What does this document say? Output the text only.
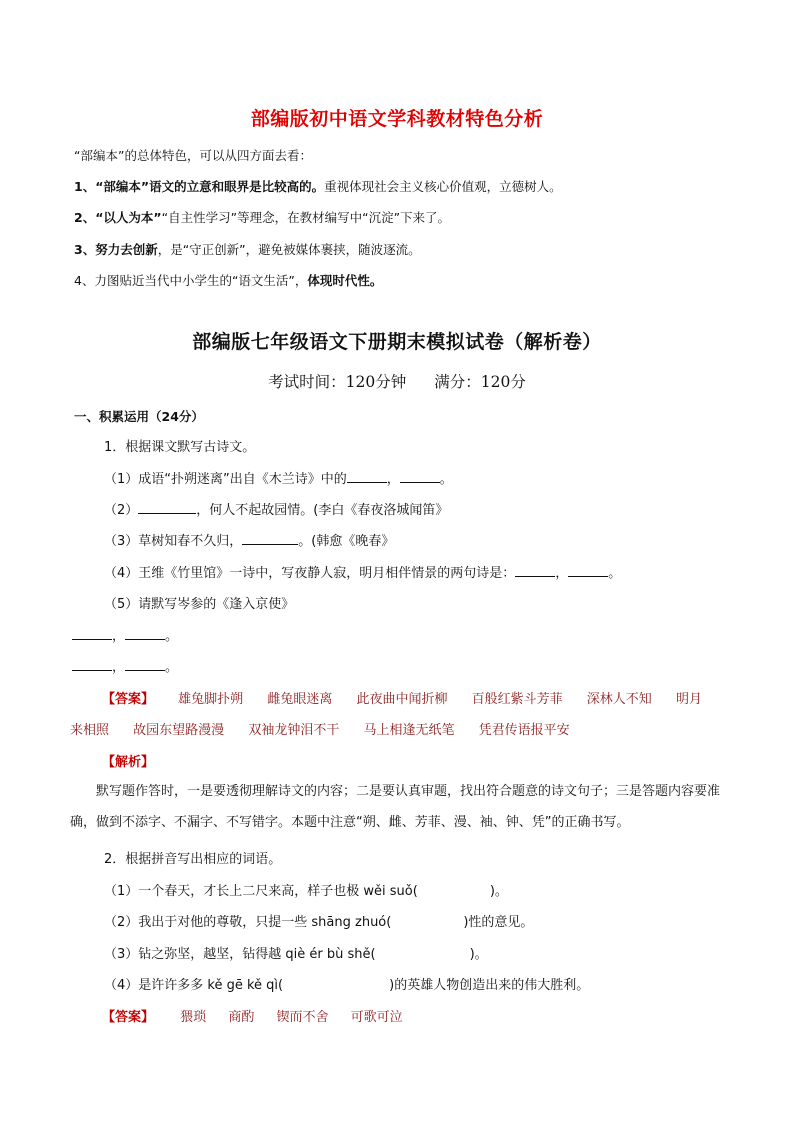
部编版初中语文学科教材特色分析
“部编本”的总体特色，可以从四方面去看：
1、“部编本”语文的立意和眼界是比较高的。重视体现社会主义核心价值观，立德树人。
2、“以人为本”“自主性学习”等理念，在教材编写中“沉淀”下来了。
3、努力去创新，是“守正创新”，避免被媒体裹挟，随波逐流。
4、力图贴近当代中小学生的“语文生活”，体现时代性。
部编版七年级语文下册期末模拟试卷（解析卷）
考试时间：120分钟 满分：120分
一、积累运用（24分）
1．根据课文默写古诗文。
（1）成语“扑朔迷离”出自《木兰诗》中的	，	。
（2）	，何人不起故园情。(李白《春夜洛城闻笛》
（3）草树知春不久归，	。(韩愈《晚春》
（4）王维《竹里馆》一诗中，写夜静人寂，明月相伴情景的两句诗是：	，	。
（5）请默写岑参的《逢入京使》
，	。
，	。
【答案】 雄兔脚扑朔 雌兔眼迷离 此夜曲中闻折柳 百般红紫斗芳菲 深林人不知 明月
来相照 故园东望路漫漫 双袖龙钟泪不干 马上相逢无纸笔 凭君传语报平安
【解析】
默写题作答时，一是要透彻理解诗文的内容；二是要认真审题，找出符合题意的诗文句子；三是答题内容要准确，做到不添字、不漏字、不写错字。本题中注意“朔、雌、芳菲、漫、袖、钟、凭”的正确书写。
2．根据拼音写出相应的词语。
（1）一个春天，才长上二尺来高，样子也极 wěi suǒ(	)。
（2）我出于对他的尊敬，只提一些 shāng zhuó(	)性的意见。
（3）钻之弥坚，越坚，钻得越 qiè ér bù shě(	)。
（4）是许许多多 kě gē kě qì(	)的英雄人物创造出来的伟大胜利。
【答案】 猥琐 商酌 锲而不舍 可歌可泣
